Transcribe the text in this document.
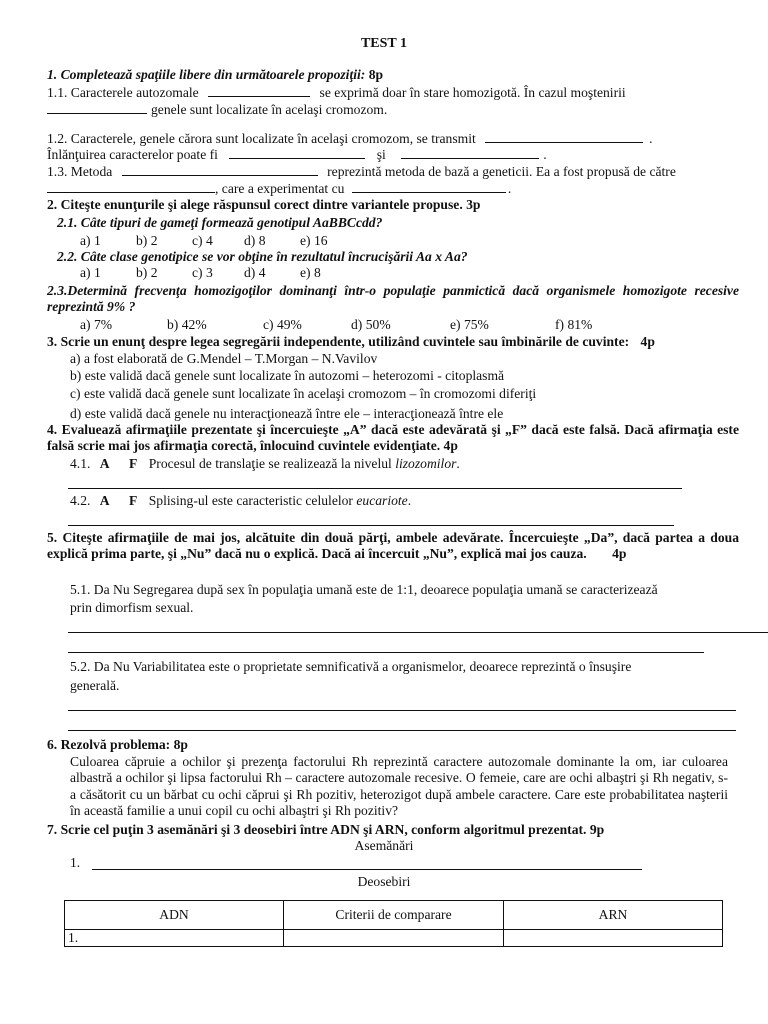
TEST 1
1. Completează spaţiile libere din următoarele propoziţii: 8p
1.1. Caracterele autozomale	se exprimă doar în stare homozigotă. În cazul moştenirii
genele sunt localizate în acelaşi cromozom.
1.2. Caracterele, genele cărora sunt localizate în acelaşi cromozom, se transmit	.
Înlănţuirea caracterelor poate fi	şi	.
1.3. Metoda	reprezintă metoda de bază a geneticii. Ea a fost propusă de către
, care a experimentat cu	.
2. Citeşte enunţurile şi alege răspunsul corect dintre variantele propuse. 3p
2.1. Câte tipuri de gameţi formează genotipul AaBBCcdd?
a) 1	b) 2	c) 4 d) 8	e) 16
2.2. Câte clase genotipice se vor obţine în rezultatul încrucişării Aa x Aa?
a) 1	b) 2	c) 3 d) 4	e) 8
2.3.Determină frecvenţa homozigoţilor dominanţi într-o populaţie panmictică dacă organismele homozigote recesive reprezintă 9% ?
a) 7%	b) 42%	c) 49%	d) 50%	e) 75%	f) 81%
3. Scrie un enunţ despre legea segregării independente, utilizând cuvintele sau îmbinările de cuvinte: 4p
a) a fost elaborată de G.Mendel – T.Morgan – N.Vavilov
b) este validă dacă genele sunt localizate în autozomi – heterozomi - citoplasmă
c) este validă dacă genele sunt localizate în acelaşi cromozom – în cromozomi diferiţi
d) este validă dacă genele nu interacţionează între ele – interacţionează între ele
4. Evaluează afirmaţiile prezentate şi încercuieşte „A” dacă este adevărată şi „F” dacă este falsă. Dacă afirmaţia este falsă scrie mai jos afirmaţia corectă, înlocuind cuvintele evidenţiate. 4p
4.1. A F Procesul de translaţie se realizează la nivelul lizozomilor.
4.2. A F Splising-ul este caracteristic celulelor eucariote.
5. Citeşte afirmaţiile de mai jos, alcătuite din două părţi, ambele adevărate. Încercuieşte „Da”, dacă partea a doua explică prima parte, şi „Nu” dacă nu o explică. Dacă ai încercuit „Nu”, explică mai jos cauza. 4p
5.1. Da Nu Segregarea după sex în populaţia umană este de 1:1, deoarece populaţia umană se caracterizează
prin dimorfism sexual.
5.2. Da Nu Variabilitatea este o proprietate semnificativă a organismelor, deoarece reprezintă o însuşire
generală.
6. Rezolvă problema: 8p
Culoarea căpruie a ochilor şi prezenţa factorului Rh reprezintă caractere autozomale dominante la om, iar culoarea albastră a ochilor şi lipsa factorului Rh – caractere autozomale recesive. O femeie, care are ochi albaştri şi Rh negativ, s-a căsătorit cu un bărbat cu ochi căprui şi Rh pozitiv, heterozigot după ambele caractere. Care este probabilitatea naşterii în această familie a unui copil cu ochi albaştri şi Rh pozitiv?
7. Scrie cel puţin 3 asemănări şi 3 deosebiri între ADN şi ARN, conform algoritmul prezentat. 9p
Asemănări
1.
Deosebiri
ADN	Criterii de comparare	ARN
1.		
